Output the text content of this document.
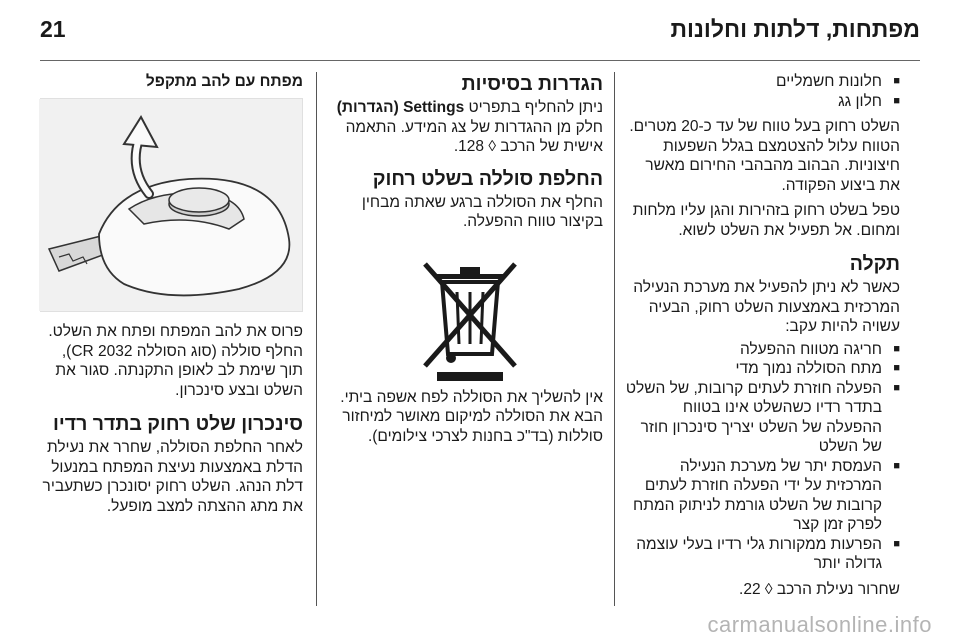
21	מפתחות, דלתות וחלונות
■ חלונות חשמליים
■ חלון גג

השלט רחוק בעל טווח של עד כ-20 מטרים. הטווח עלול להצטמצם בגלל השפעות חיצוניות. הבהוב מהבהבי החירום מאשר את ביצוע הפקודה.

טפל בשלט רחוק בזהירות והגן עליו מלחות ומחום. אל תפעיל את השלט לשוא.

תקלה

כאשר לא ניתן להפעיל את מערכת הנעילה המרכזית באמצעות השלט רחוק, הבעיה עשויה להיות עקב:

■ חריגה מטווח ההפעלה
■ מתח הסוללה נמוך מדי
■ הפעלה חוזרת לעתים קרובות, של השלט בתדר רדיו כשהשלט אינו בטווח ההפעלה של השלט יצריך סינכרון חוזר של השלט
■ העמסת יתר של מערכת הנעילה המרכזית על ידי הפעלה חוזרת לעתים קרובות של השלט גורמת לניתוק המתח לפרק זמן קצר
■ הפרעות ממקורות גלי רדיו בעלי עוצמה גדולה יותר

שחרור נעילת הרכב ◊ 22.

הגדרות בסיסיות

ניתן להחליף בתפריט Settings (הגדרות) חלק מן ההגדרות של צג המידע. התאמה אישית של הרכב ◊ 128.

החלפת סוללה בשלט רחוק

החלף את הסוללה ברגע שאתה מבחין בקיצור טווח ההפעלה.

אין להשליך את הסוללה לפח אשפה ביתי. הבא את הסוללה למיקום מאושר למיחזור סוללות (בד"כ בחנות לצרכי צילומים).

מפתח עם להב מתקפל

פרוס את להב המפתח ופתח את השלט. החלף סוללה (סוג הסוללה CR 2032), תוך שימת לב לאופן התקנתה. סגור את השלט ובצע סינכרון.

סינכרון שלט רחוק בתדר רדיו

לאחר החלפת הסוללה, שחרר את נעילת הדלת באמצעות נעיצת המפתח במנעול דלת הנהג. השלט רחוק יסונכרן כשתעביר את מתג ההצתה למצב מופעל.

carmanualsonline.info
